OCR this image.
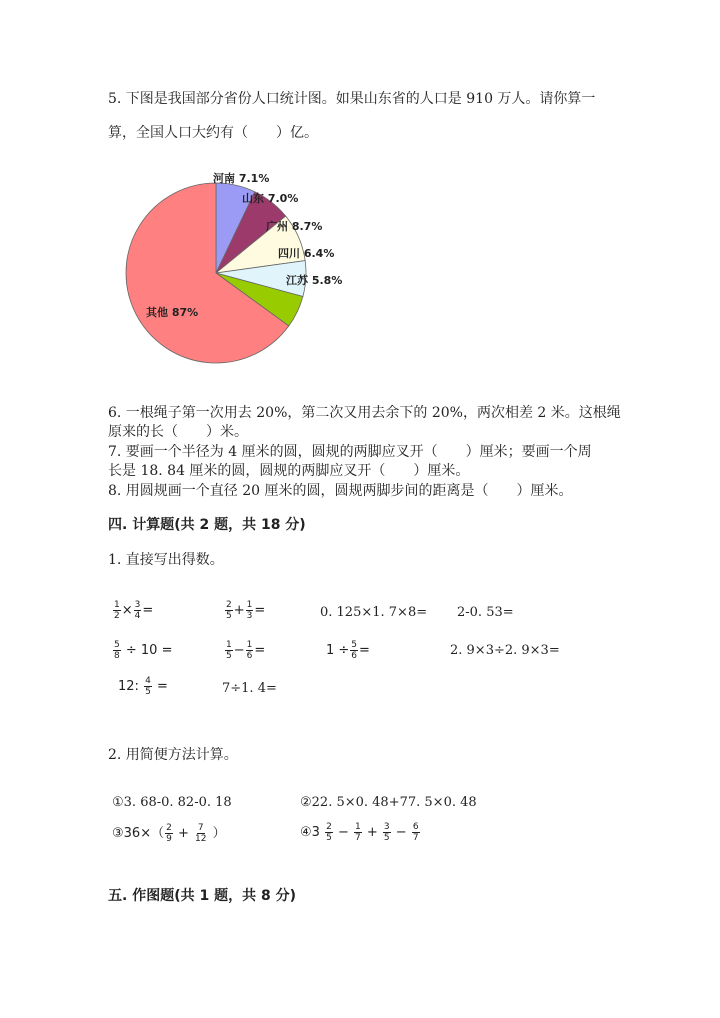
5. 下图是我国部分省份人口统计图。如果山东省的人口是 910 万人。请你算一
算，全国人口大约有（　　）亿。
河南 7.1%
山东 7.0%
广州 8.7%
四川 6.4%
江苏 5.8%
其他 87%
6. 一根绳子第一次用去 20%，第二次又用去余下的 20%，两次相差 2 米。这根绳
原来的长（　　）米。
7. 要画一个半径为 4 厘米的圆，圆规的两脚应叉开（　　）厘米；要画一个周
长是 18. 84 厘米的圆，圆规的两脚应叉开（　　）厘米。
8. 用圆规画一个直径 20 厘米的圆，圆规两脚步间的距离是（　　）厘米。
四. 计算题(共 2 题，共 18 分)
1. 直接写出得数。
$\frac{1}{2} \times \frac{3}{4}$ =	$\frac{2}{5} + \frac{1}{3}$ =	0. 125×1. 7×8= 2-0. 53=
$\frac{5}{8} \div 10$ =	$\frac{1}{5} - \frac{1}{6}$ =	$1 \div \frac{5}{6}$ =	2. 9×3÷2. 9×3=
12: $\frac{4}{5}$ =	7÷1. 4=
2. 用简便方法计算。
①3. 68-0. 82-0. 18	②22. 5×0. 48+77. 5×0. 48
③36×（ $\frac{2}{9} + \frac{7}{12}$ ）	④3 $\frac{2}{5} - \frac{1}{7} + \frac{3}{5} - \frac{6}{7}$
五. 作图题(共 1 题，共 8 分)
